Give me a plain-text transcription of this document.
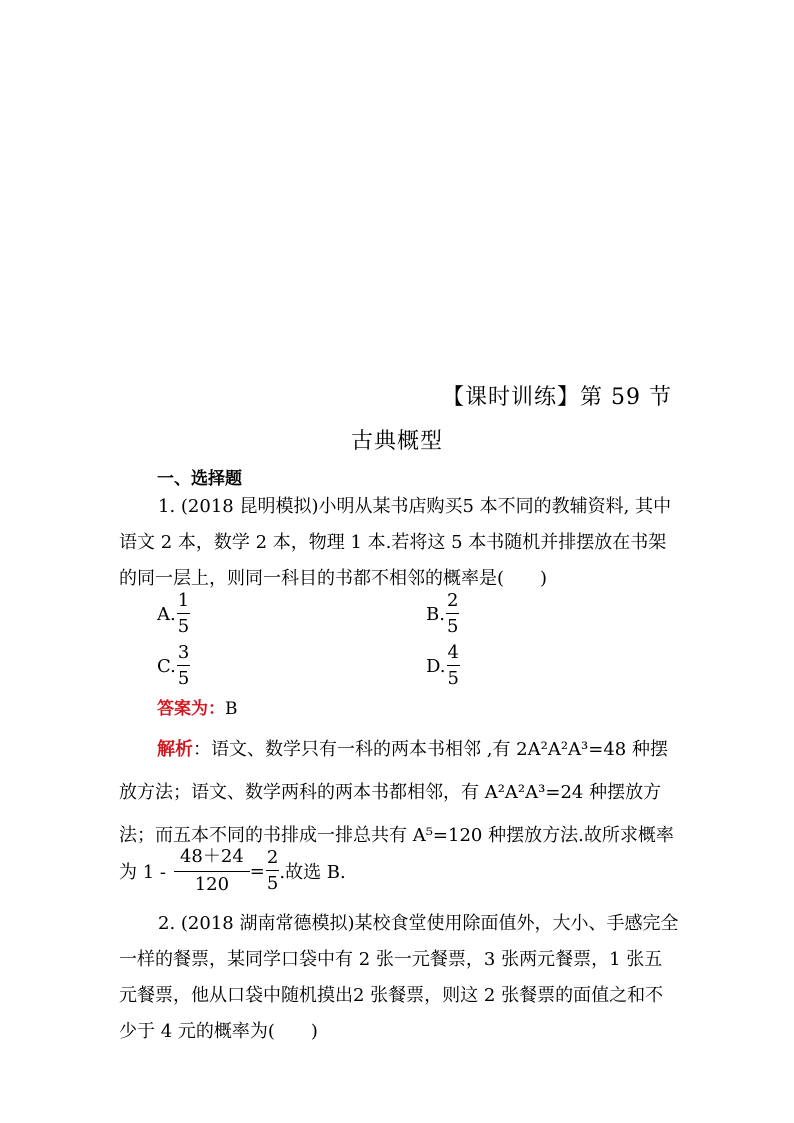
【课时训练】第 59 节
古典概型
一、选择题
1. (2018 昆明模拟)小明从某书店购买5 本不同的教辅资料, 其中语文 2 本，数学 2 本，物理 1 本.若将这 5 本书随机并排摆放在书架的同一层上，则同一科目的书都不相邻的概率是(　　)
A. $\frac{1}{5}$	B. $\frac{2}{5}$
C. $\frac{3}{5}$	D. $\frac{4}{5}$
答案为：B
解析：语文、数学只有一科的两本书相邻 ,有 2A²A²A³=48 种摆放方法；语文、数学两科的两本书都相邻，有 A²A²A³=24 种摆放方法；而五本不同的书排成一排总共有 A⁵=120 种摆放方法.故所求概率
为 $1 - \frac{48+24}{120} = \frac{2}{5}$ .故选 B.
2. (2018 湖南常德模拟)某校食堂使用除面值外，大小、手感完全一样的餐票，某同学口袋中有 2 张一元餐票，3 张两元餐票，1 张五元餐票，他从口袋中随机摸出2 张餐票，则这 2 张餐票的面值之和不少于 4 元的概率为(　　)
